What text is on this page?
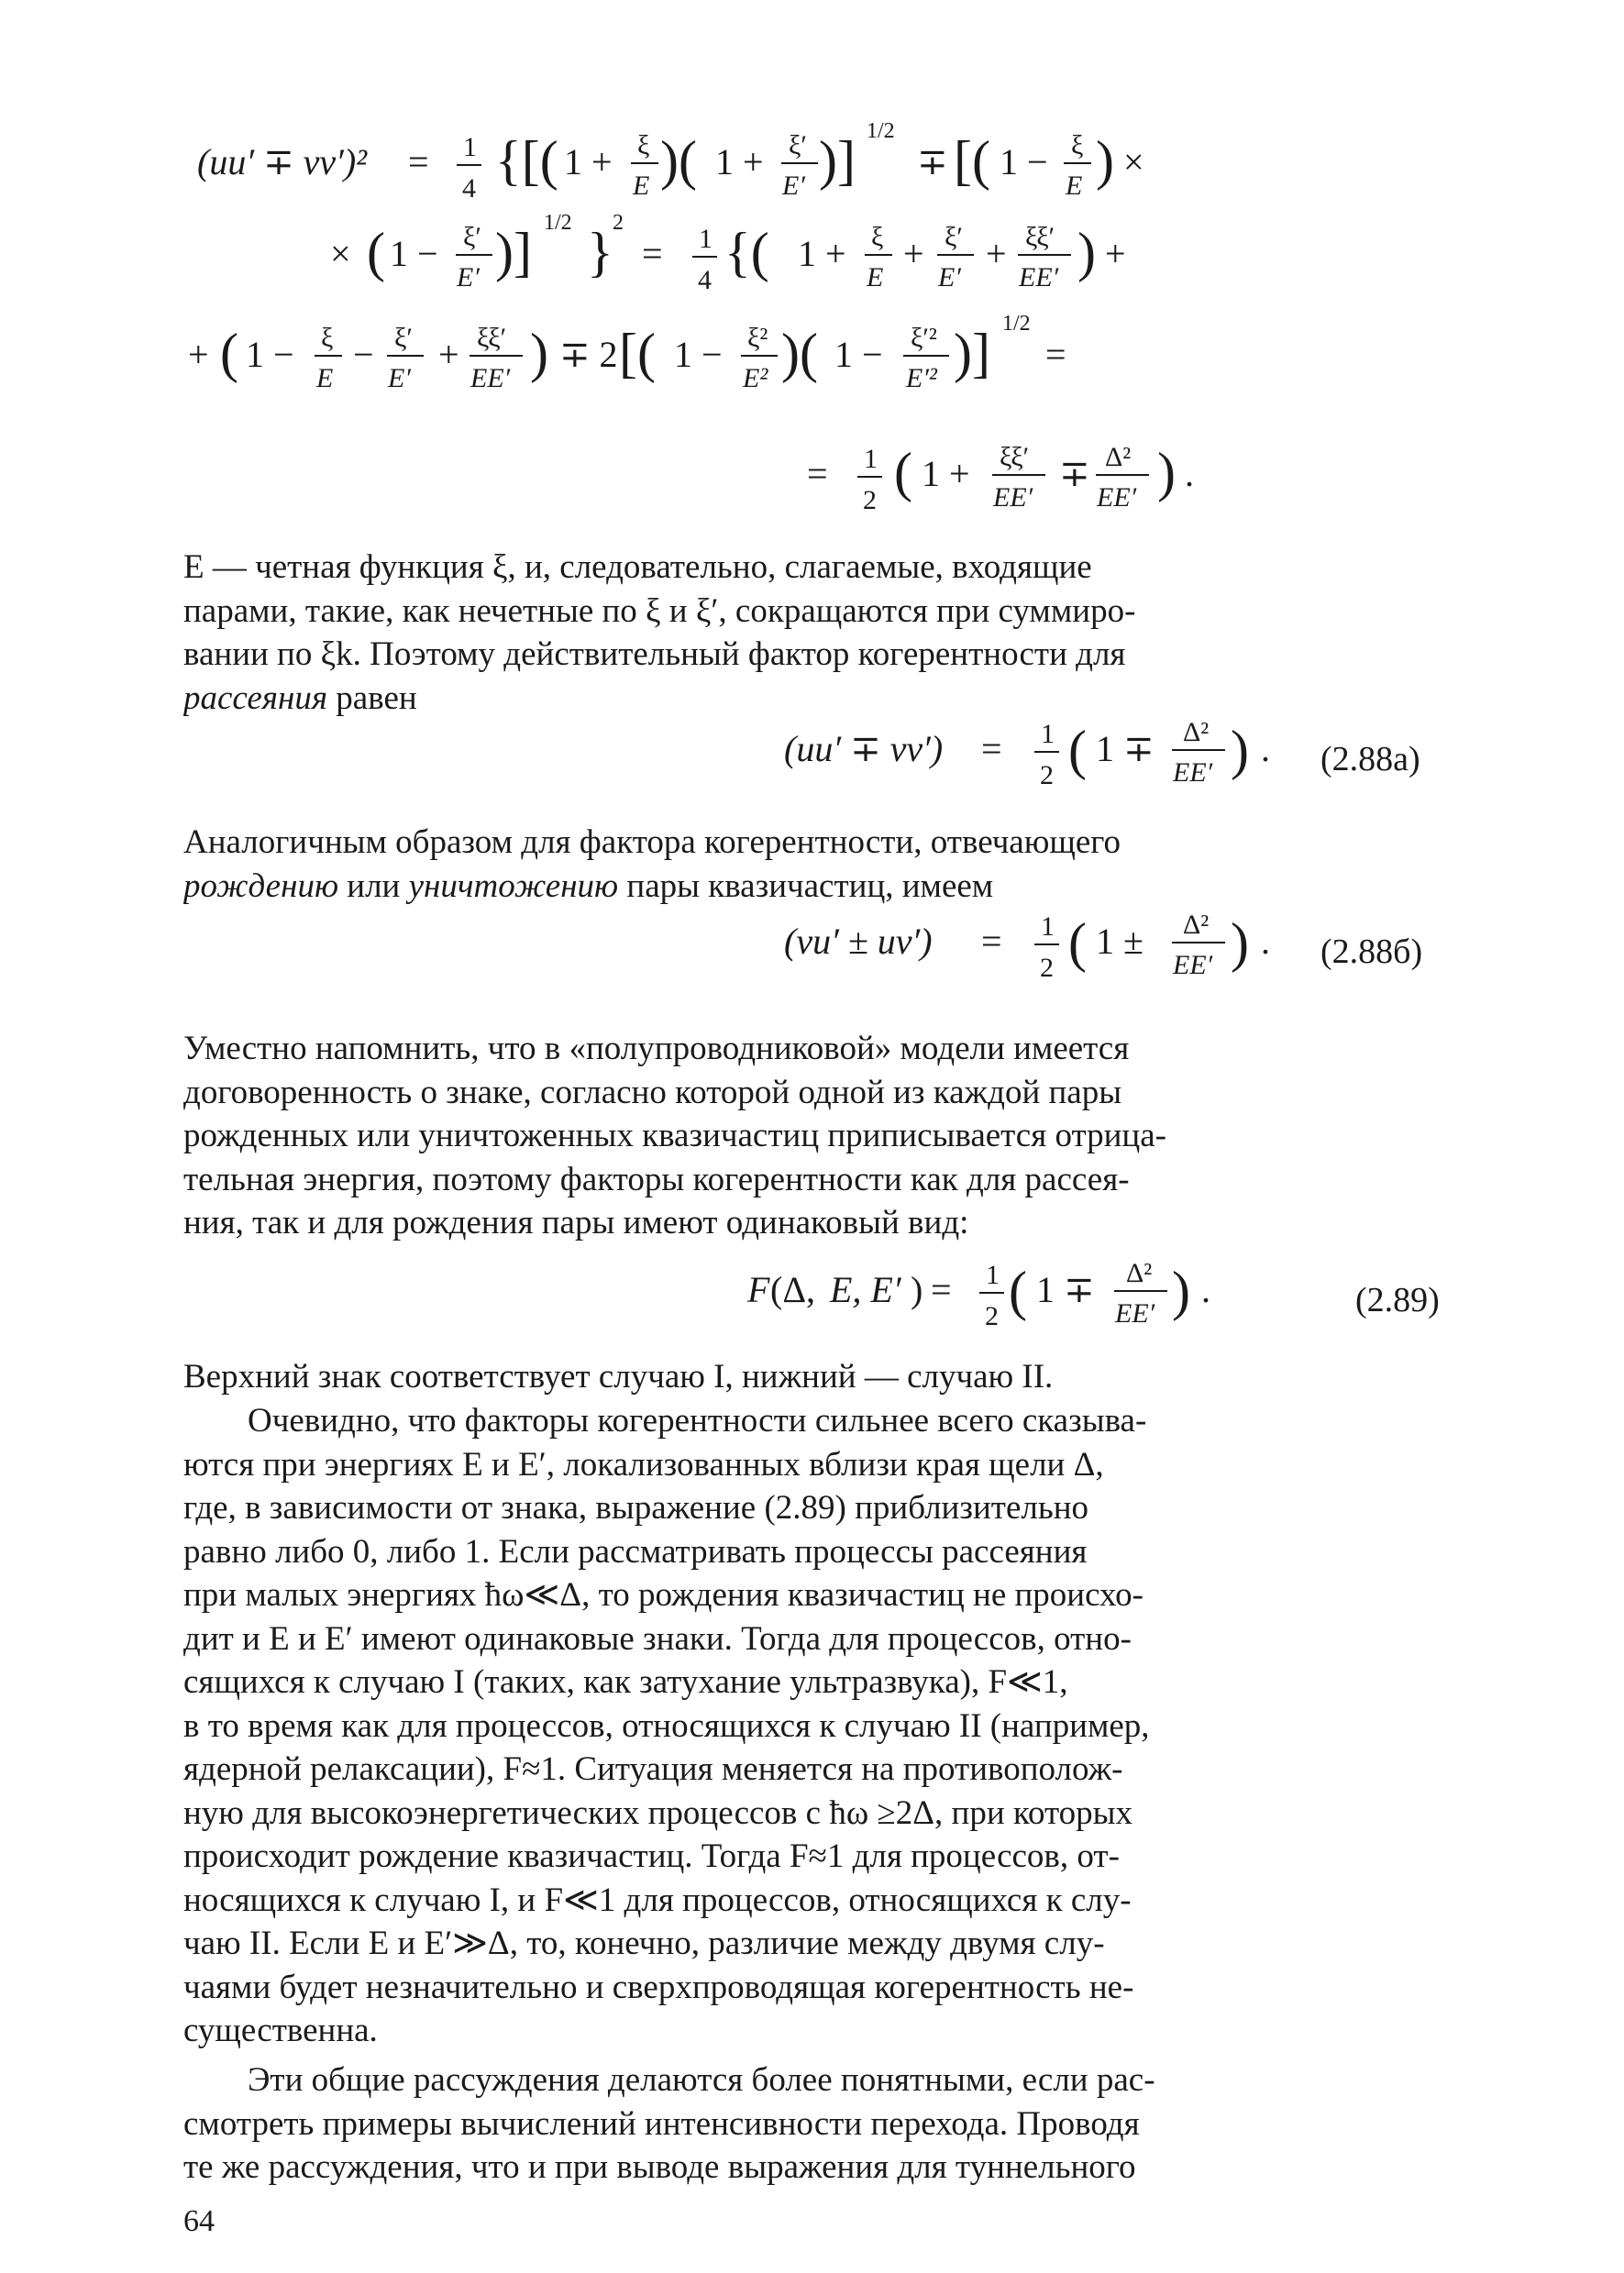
(uu′ ∓ vv′)² = 1
4 {[( 1 + ξ
E )( 1 + ξ′
E′ )] 1/2
∓ [( 1 − ξ
E ) ×
× ( 1 − ξ′
E′ )] 1/2 } 2
= 1
4 {( 1 + ξ
E
+ ξ′
E′
+ ξξ′
EE′ ) +
+ ( 1 − ξ
E
− ξ′
E′
+ ξξ′
EE′ ) ∓ 2 [( 1 − ξ²
E² )( 1 − ξ′²
E′² )] 1/2
=
= 1
2 ( 1 + ξξ′
EE′
∓ Δ²
EE′ ) .
E — четная функция ξ, и, следовательно, слагаемые, входящие
парами, такие, как нечетные по ξ и ξ′, сокращаются при суммиро-
вании по ξk. Поэтому действительный фактор когерентности для
рассеяния равен
(uu′ ∓ vv′) = 1
2 ( 1 ∓ Δ²
EE′ ) . (2.88а)
Аналогичным образом для фактора когерентности, отвечающего
рождению или уничтожению пары квазичастиц, имеем
(vu′ ± uv′) = 1
2 ( 1 ± Δ²
EE′ ) . (2.88б)
Уместно напомнить, что в «полупроводниковой» модели имеется
договоренность о знаке, согласно которой одной из каждой пары
рожденных или уничтоженных квазичастиц приписывается отрица-
тельная энергия, поэтому факторы когерентности как для рассея-
ния, так и для рождения пары имеют одинаковый вид:
F (Δ, E, E′ ) = 1
2 ( 1 ∓ Δ²
EE′ ) .	(2.89)
Верхний знак соответствует случаю I, нижний — случаю II.
Очевидно, что факторы когерентности сильнее всего сказыва-
ются при энергиях E и E′, локализованных вблизи края щели Δ,
где, в зависимости от знака, выражение (2.89) приблизительно
равно либо 0, либо 1. Если рассматривать процессы рассеяния
при малых энергиях ħω≪Δ, то рождения квазичастиц не происхо-
дит и E и E′ имеют одинаковые знаки. Тогда для процессов, отно-
сящихся к случаю I (таких, как затухание ультразвука), F≪1,
в то время как для процессов, относящихся к случаю II (например,
ядерной релаксации), F≈1. Ситуация меняется на противополож-
ную для высокоэнергетических процессов с ħω ≥2Δ, при которых
происходит рождение квазичастиц. Тогда F≈1 для процессов, от-
носящихся к случаю I, и F≪1 для процессов, относящихся к слу-
чаю II. Если E и E′≫Δ, то, конечно, различие между двумя слу-
чаями будет незначительно и сверхпроводящая когерентность не-
существенна.
Эти общие рассуждения делаются более понятными, если рас-
смотреть примеры вычислений интенсивности перехода. Проводя
те же рассуждения, что и при выводе выражения для туннельного
64
